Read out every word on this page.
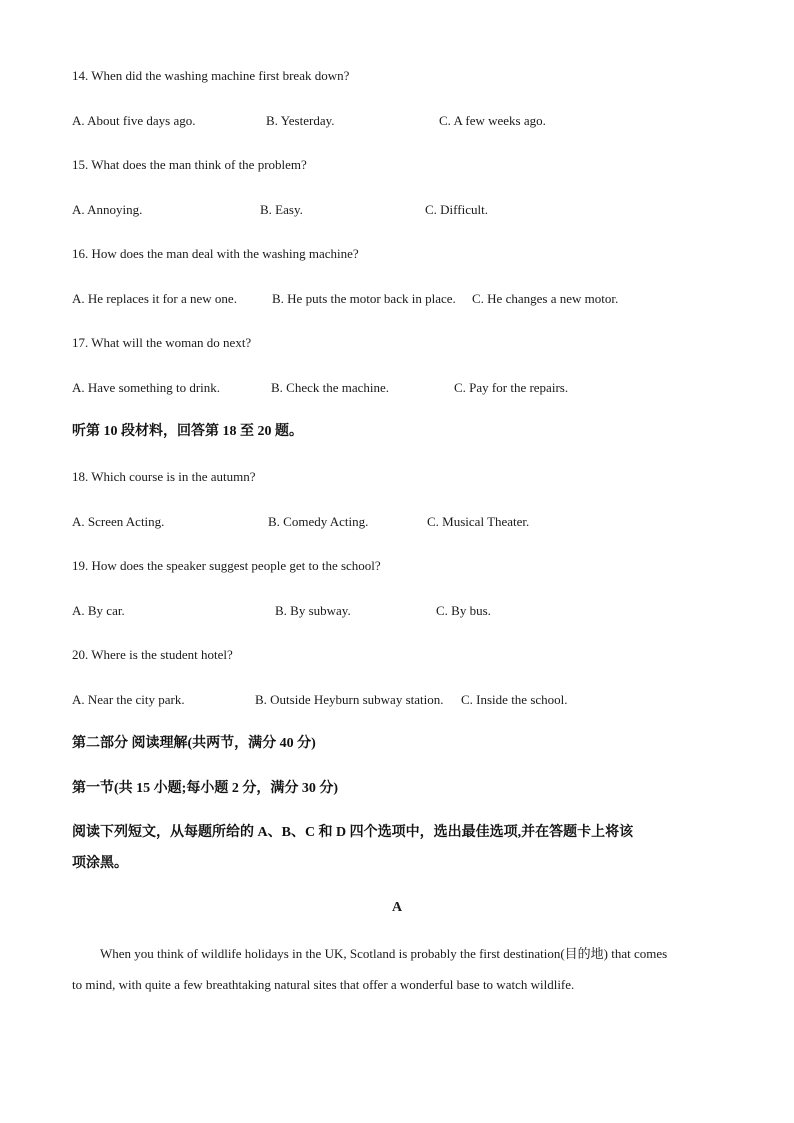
14. When did the washing machine first break down?
A. About five days ago.	B. Yesterday.	C. A few weeks ago.
15. What does the man think of the problem?
A. Annoying.	B. Easy.	C. Difficult.
16. How does the man deal with the washing machine?
A. He replaces it for a new one.	B. He puts the motor back in place. C. He changes a new motor.
17. What will the woman do next?
A. Have something to drink.	B. Check the machine.	C. Pay for the repairs.
听第 10 段材料，回答第 18 至 20 题。
18. Which course is in the autumn?
A. Screen Acting.	B. Comedy Acting.	C. Musical Theater.
19. How does the speaker suggest people get to the school?
A. By car.	B. By subway.	C. By bus.
20. Where is the student hotel?
A. Near the city park.	B. Outside Heyburn subway station. C. Inside the school.
第二部分 阅读理解(共两节，满分 40 分)
第一节(共 15 小题;每小题 2 分，满分 30 分)
阅读下列短文，从每题所给的 A、B、C 和 D 四个选项中，选出最佳选项,并在答题卡上将该
项涂黑。
A
When you think of wildlife holidays in the UK, Scotland is probably the first destination(目的地) that comes
to mind, with quite a few breathtaking natural sites that offer a wonderful base to watch wildlife.
